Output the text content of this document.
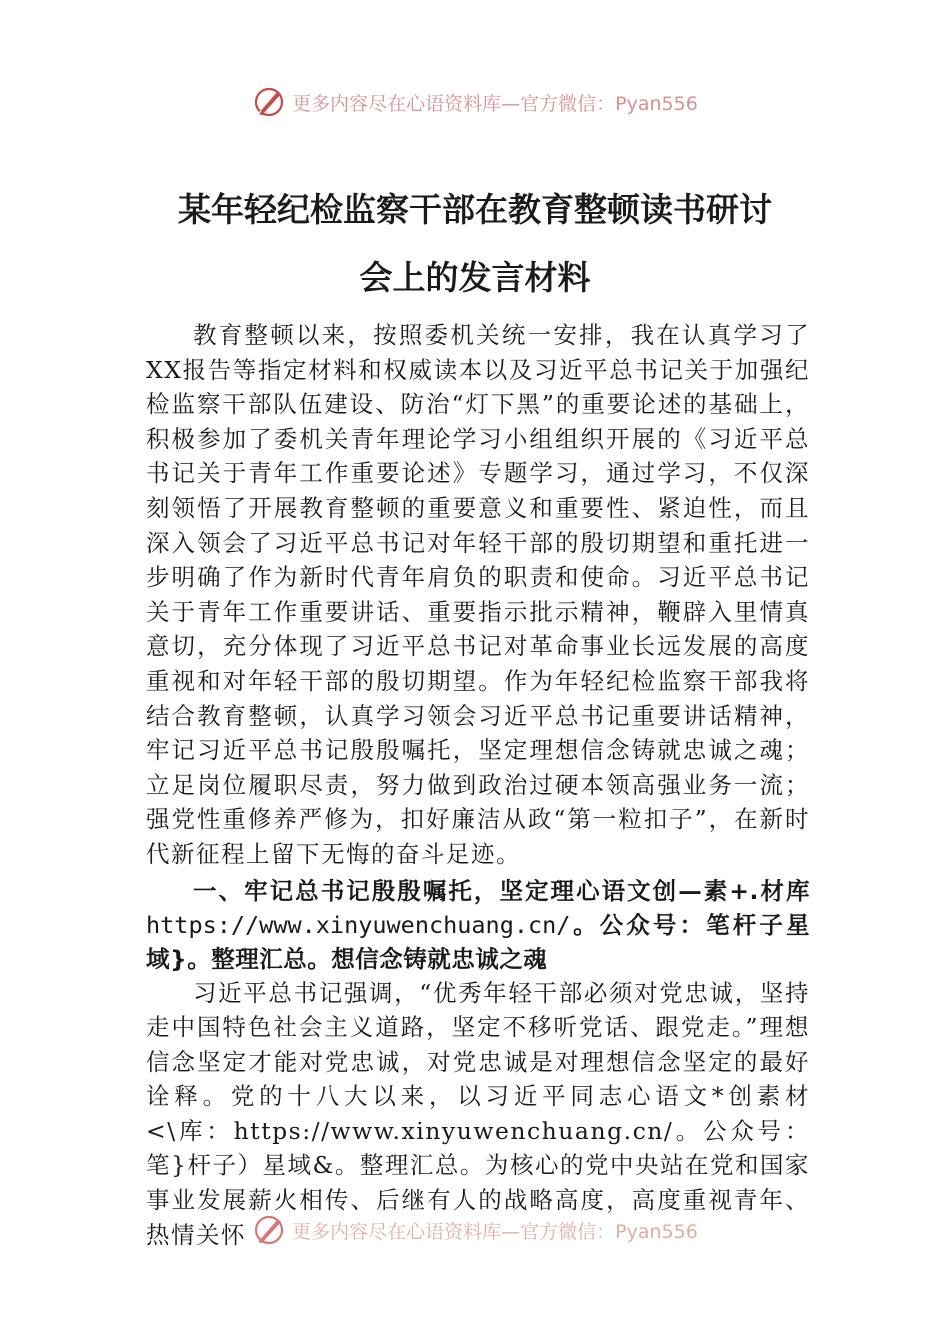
更多内容尽在心语资料库—官方微信：Pyan556
某年轻纪检监察干部在教育整顿读书研讨
会上的发言材料

教育整顿以来，按照委机关统一安排，我在认真学习了XX报告等指定材料和权威读本以及习近平总书记关于加强纪检监察干部队伍建设、防治“灯下黑”的重要论述的基础上，积极参加了委机关青年理论学习小组组织开展的《习近平总书记关于青年工作重要论述》专题学习，通过学习，不仅深刻领悟了开展教育整顿的重要意义和重要性、紧迫性，而且深入领会了习近平总书记对年轻干部的殷切期望和重托进一步明确了作为新时代青年肩负的职责和使命。习近平总书记关于青年工作重要讲话、重要指示批示精神，鞭辟入里情真意切，充分体现了习近平总书记对革命事业长远发展的高度重视和对年轻干部的殷切期望。作为年轻纪检监察干部我将结合教育整顿，认真学习领会习近平总书记重要讲话精神，牢记习近平总书记殷殷嘱托，坚定理想信念铸就忠诚之魂；立足岗位履职尽责，努力做到政治过硬本领高强业务一流；强党性重修养严修为，扣好廉洁从政“第一粒扣子”，在新时代新征程上留下无悔的奋斗足迹。

一、牢记总书记殷殷嘱托，坚定理心语文创—素+.材库https://www.xinyuwenchuang.cn/。公众号：笔杆子星域}。整理汇总。想信念铸就忠诚之魂

习近平总书记强调，“优秀年轻干部必须对党忠诚，坚持走中国特色社会主义道路，坚定不移听党话、跟党走。”理想信念坚定才能对党忠诚，对党忠诚是对理想信念坚定的最好诠释。党的十八大以来，以习近平同志心语文*创素材<\库：https://www.xinyuwenchuang.cn/。公众号：笔}杆子）星域&。整理汇总。为核心的党中央站在党和国家事业发展薪火相传、后继有人的战略高度，高度重视青年、热情关怀	更多内容尽在心语资料库—官方微信：Pyan556
